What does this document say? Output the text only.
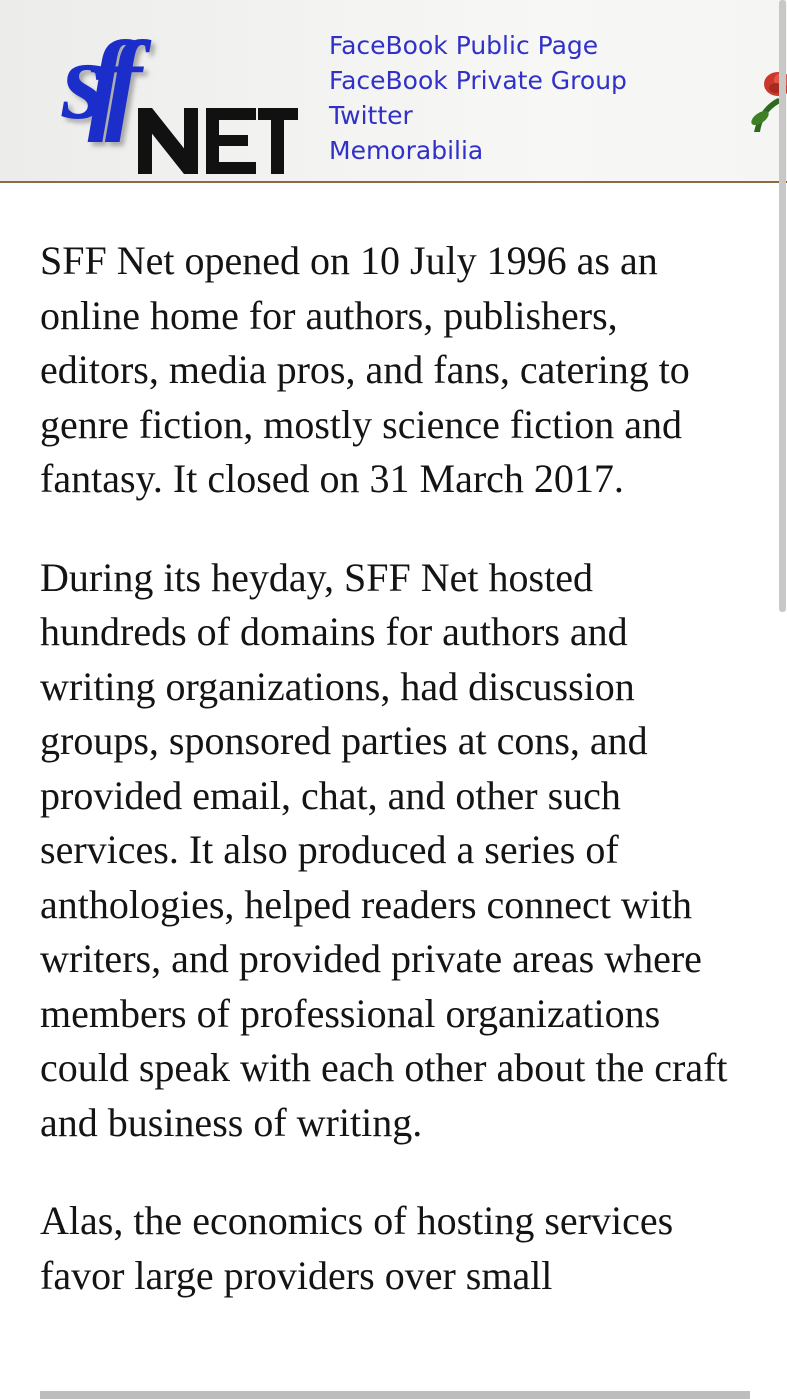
sff	FaceBook Public Page
FaceBook Private Group
Twitter
Memorabilia

SFF Net opened on 10 July 1996 as an online home for authors, publishers, editors, media pros, and fans, catering to genre fiction, mostly science fiction and fantasy. It closed on 31 March 2017.

During its heyday, SFF Net hosted hundreds of domains for authors and writing organizations, had discussion groups, sponsored parties at cons, and provided email, chat, and other such services. It also produced a series of anthologies, helped readers connect with writers, and provided private areas where members of professional organizations could speak with each other about the craft and business of writing.

Alas, the economics of hosting services favor large providers over small
